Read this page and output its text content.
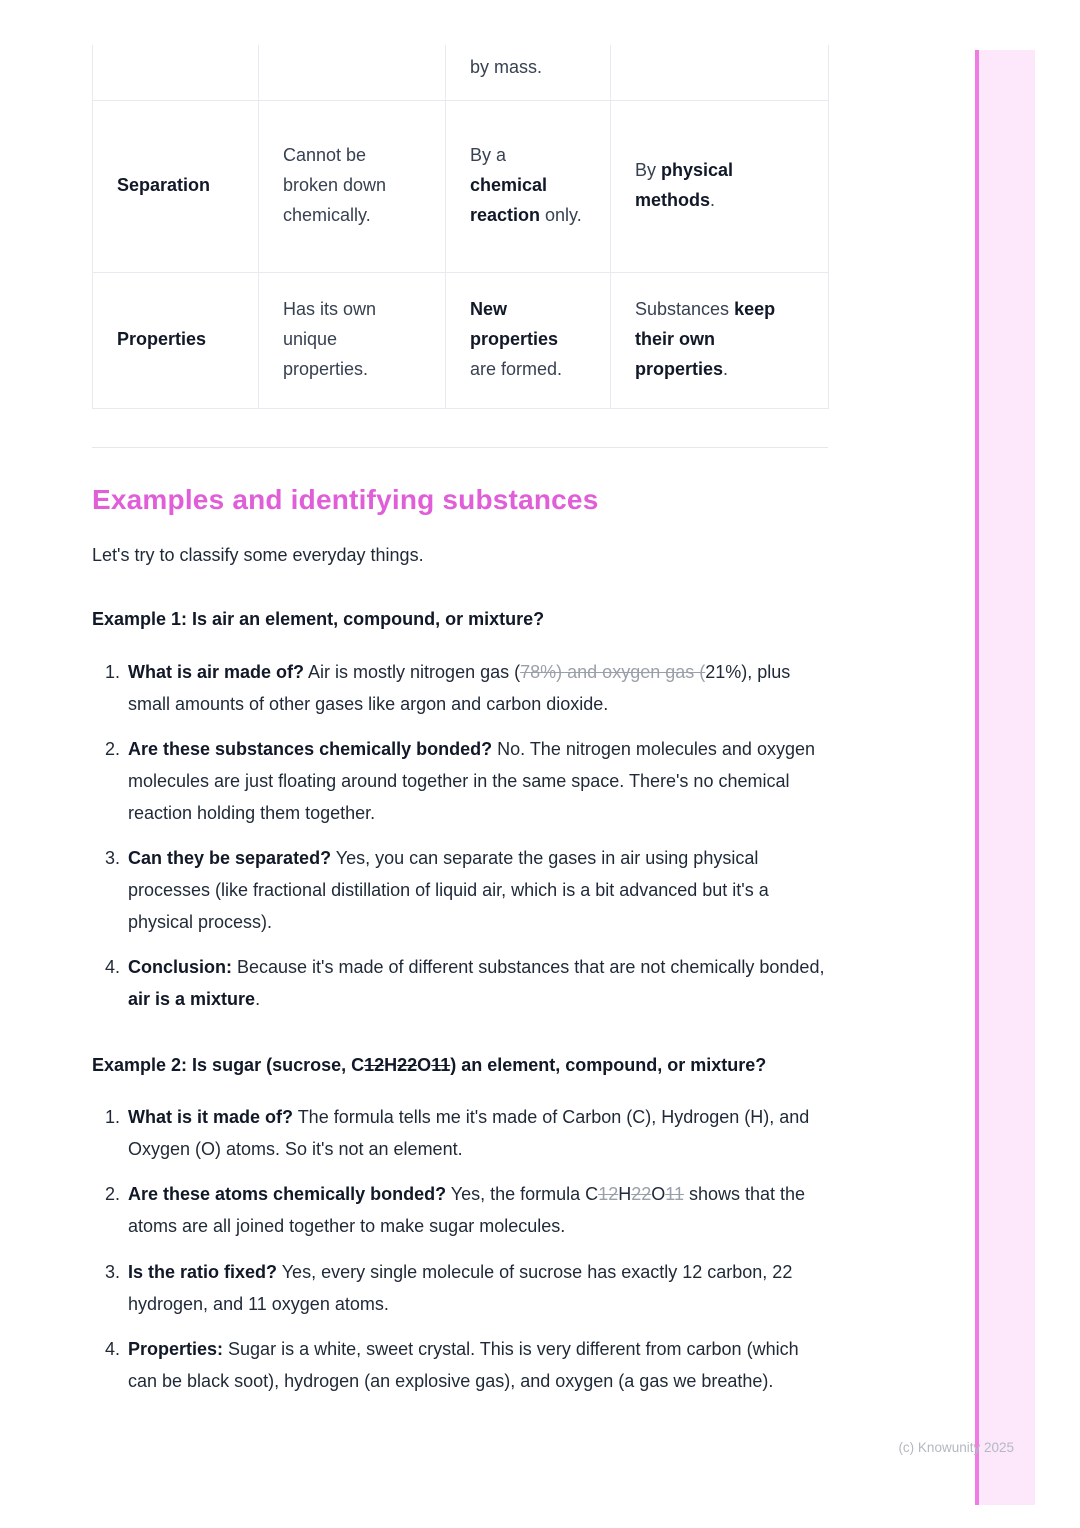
(c) Knowunity 2025
		by mass.	
Separation	Cannot be broken down chemically.	By a chemical reaction only.	By physical methods.
Properties	Has its own unique properties.	New properties are formed.	Substances keep their own properties.
Examples and identifying substances

Let's try to classify some everyday things.

Example 1: Is air an element, compound, or mixture?

1. What is air made of? Air is mostly nitrogen gas (78%) and oxygen gas (21%), plus small amounts of other gases like argon and carbon dioxide.
2. Are these substances chemically bonded? No. The nitrogen molecules and oxygen molecules are just floating around together in the same space. There's no chemical reaction holding them together.
3. Can they be separated? Yes, you can separate the gases in air using physical processes (like fractional distillation of liquid air, which is a bit advanced but it's a physical process).
4. Conclusion: Because it's made of different substances that are not chemically bonded, air is a mixture.

Example 2: Is sugar (sucrose, C12H22O11) an element, compound, or mixture?

1. What is it made of? The formula tells me it's made of Carbon (C), Hydrogen (H), and Oxygen (O) atoms. So it's not an element.
2. Are these atoms chemically bonded? Yes, the formula C12H22O11 shows that the atoms are all joined together to make sugar molecules.
3. Is the ratio fixed? Yes, every single molecule of sucrose has exactly 12 carbon, 22 hydrogen, and 11 oxygen atoms.
4. Properties: Sugar is a white, sweet crystal. This is very different from carbon (which can be black soot), hydrogen (an explosive gas), and oxygen (a gas we breathe).
